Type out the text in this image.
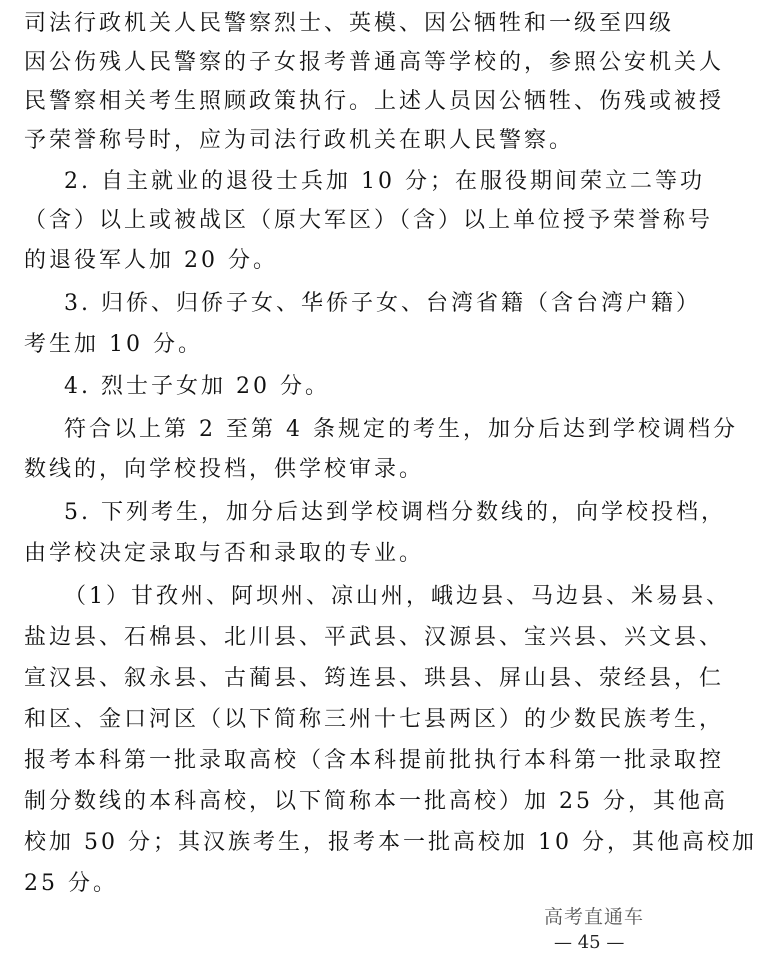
司法行政机关人民警察烈士、英模、因公牺牲和一级至四级
因公伤残人民警察的子女报考普通高等学校的，参照公安机关人
民警察相关考生照顾政策执行。上述人员因公牺牲、伤残或被授
予荣誉称号时，应为司法行政机关在职人民警察。
2. 自主就业的退役士兵加 10 分；在服役期间荣立二等功
（含）以上或被战区（原大军区）（含）以上单位授予荣誉称号
的退役军人加 20 分。
3. 归侨、归侨子女、华侨子女、台湾省籍（含台湾户籍）
考生加 10 分。
4. 烈士子女加 20 分。
符合以上第 2 至第 4 条规定的考生，加分后达到学校调档分
数线的，向学校投档，供学校审录。
5. 下列考生，加分后达到学校调档分数线的，向学校投档，
由学校决定录取与否和录取的专业。
（1）甘孜州、阿坝州、凉山州，峨边县、马边县、米易县、
盐边县、石棉县、北川县、平武县、汉源县、宝兴县、兴文县、
宣汉县、叙永县、古蔺县、筠连县、珙县、屏山县、荥经县，仁
和区、金口河区（以下简称三州十七县两区）的少数民族考生，
报考本科第一批录取高校（含本科提前批执行本科第一批录取控
制分数线的本科高校，以下简称本一批高校）加 25 分，其他高
校加 50 分；其汉族考生，报考本一批高校加 10 分，其他高校加
25 分。
高考直通车
— 45 —
